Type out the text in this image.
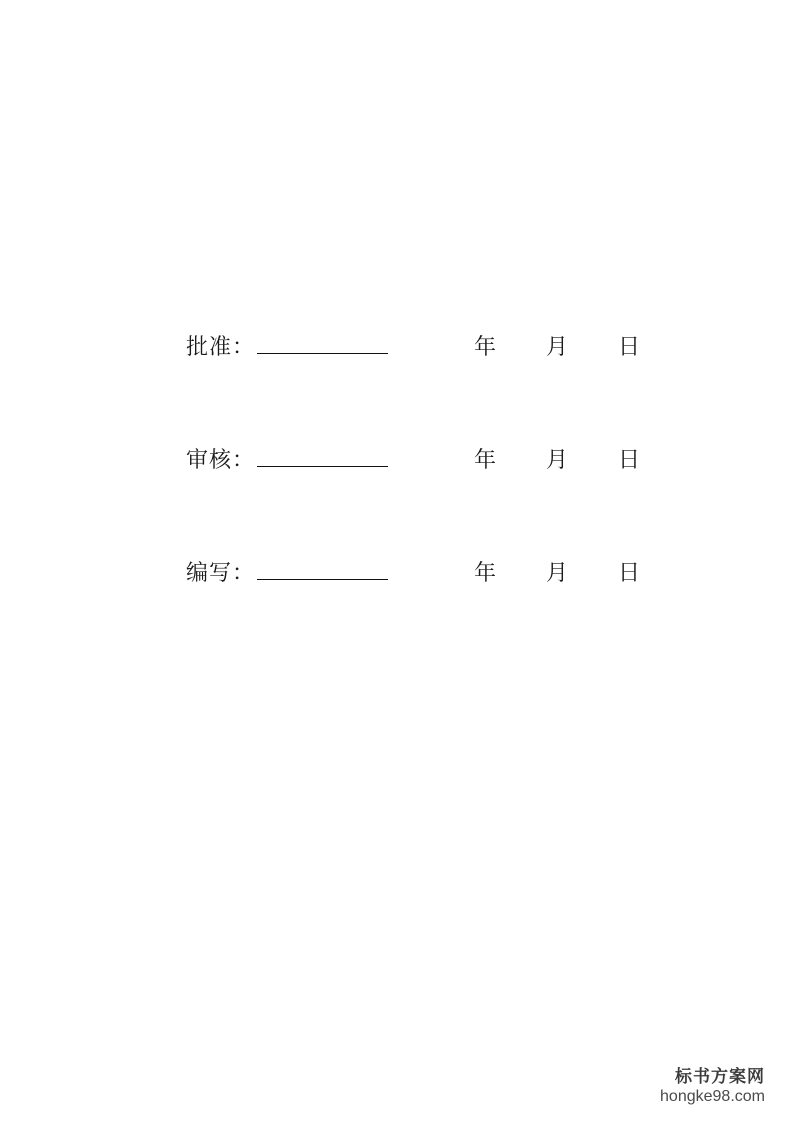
批准：	年	月	日
审核：	年	月	日
编写：	年	月	日
标书方案网
hongke98.com
